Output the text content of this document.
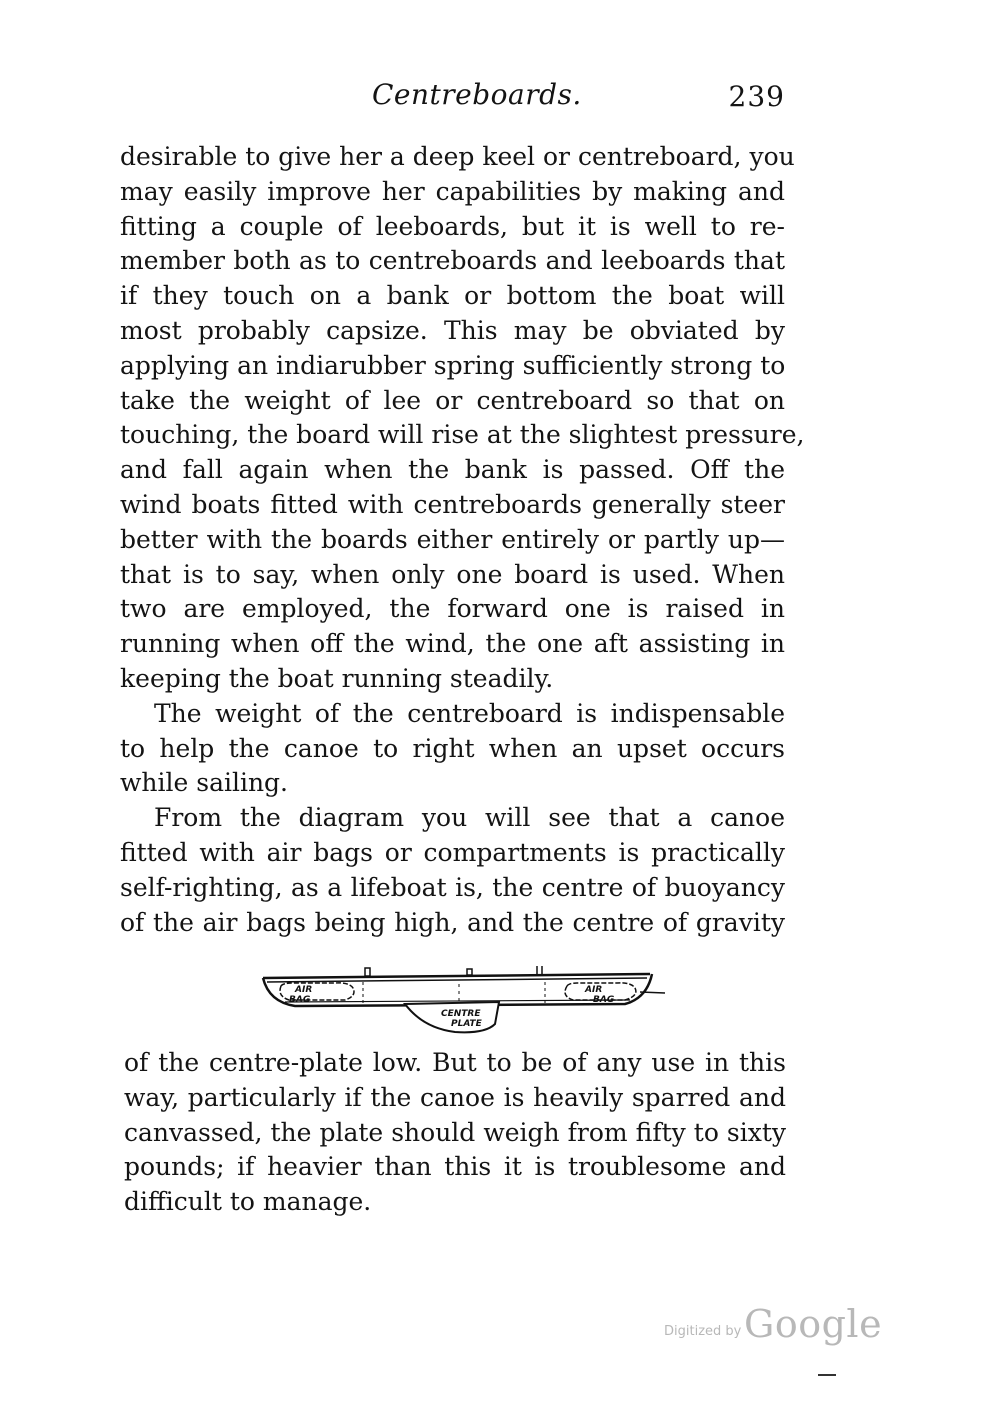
Centreboards.	239
desirable to give her a deep keel or centreboard, you
may easily improve her capabilities by making and
fitting a couple of leeboards, but it is well to re-
member both as to centreboards and leeboards that
if they touch on a bank or bottom the boat will
most probably capsize. This may be obviated by
applying an indiarubber spring sufficiently strong to
take the weight of lee or centreboard so that on
touching, the board will rise at the slightest pressure,
and fall again when the bank is passed. Off the
wind boats fitted with centreboards generally steer
better with the boards either entirely or partly up—
that is to say, when only one board is used. When
two are employed, the forward one is raised in
running when off the wind, the one aft assisting in
keeping the boat running steadily.
The weight of the centreboard is indispensable
to help the canoe to right when an upset occurs
while sailing.
From the diagram you will see that a canoe
fitted with air bags or compartments is practically
self-righting, as a lifeboat is, the centre of buoyancy
of the air bags being high, and the centre of gravity
AIR
BAG
AIR
BAG
CENTRE
PLATE
of the centre-plate low. But to be of any use in this
way, particularly if the canoe is heavily sparred and
canvassed, the plate should weigh from fifty to sixty
pounds; if heavier than this it is troublesome and
difficult to manage.
Digitized by Google
